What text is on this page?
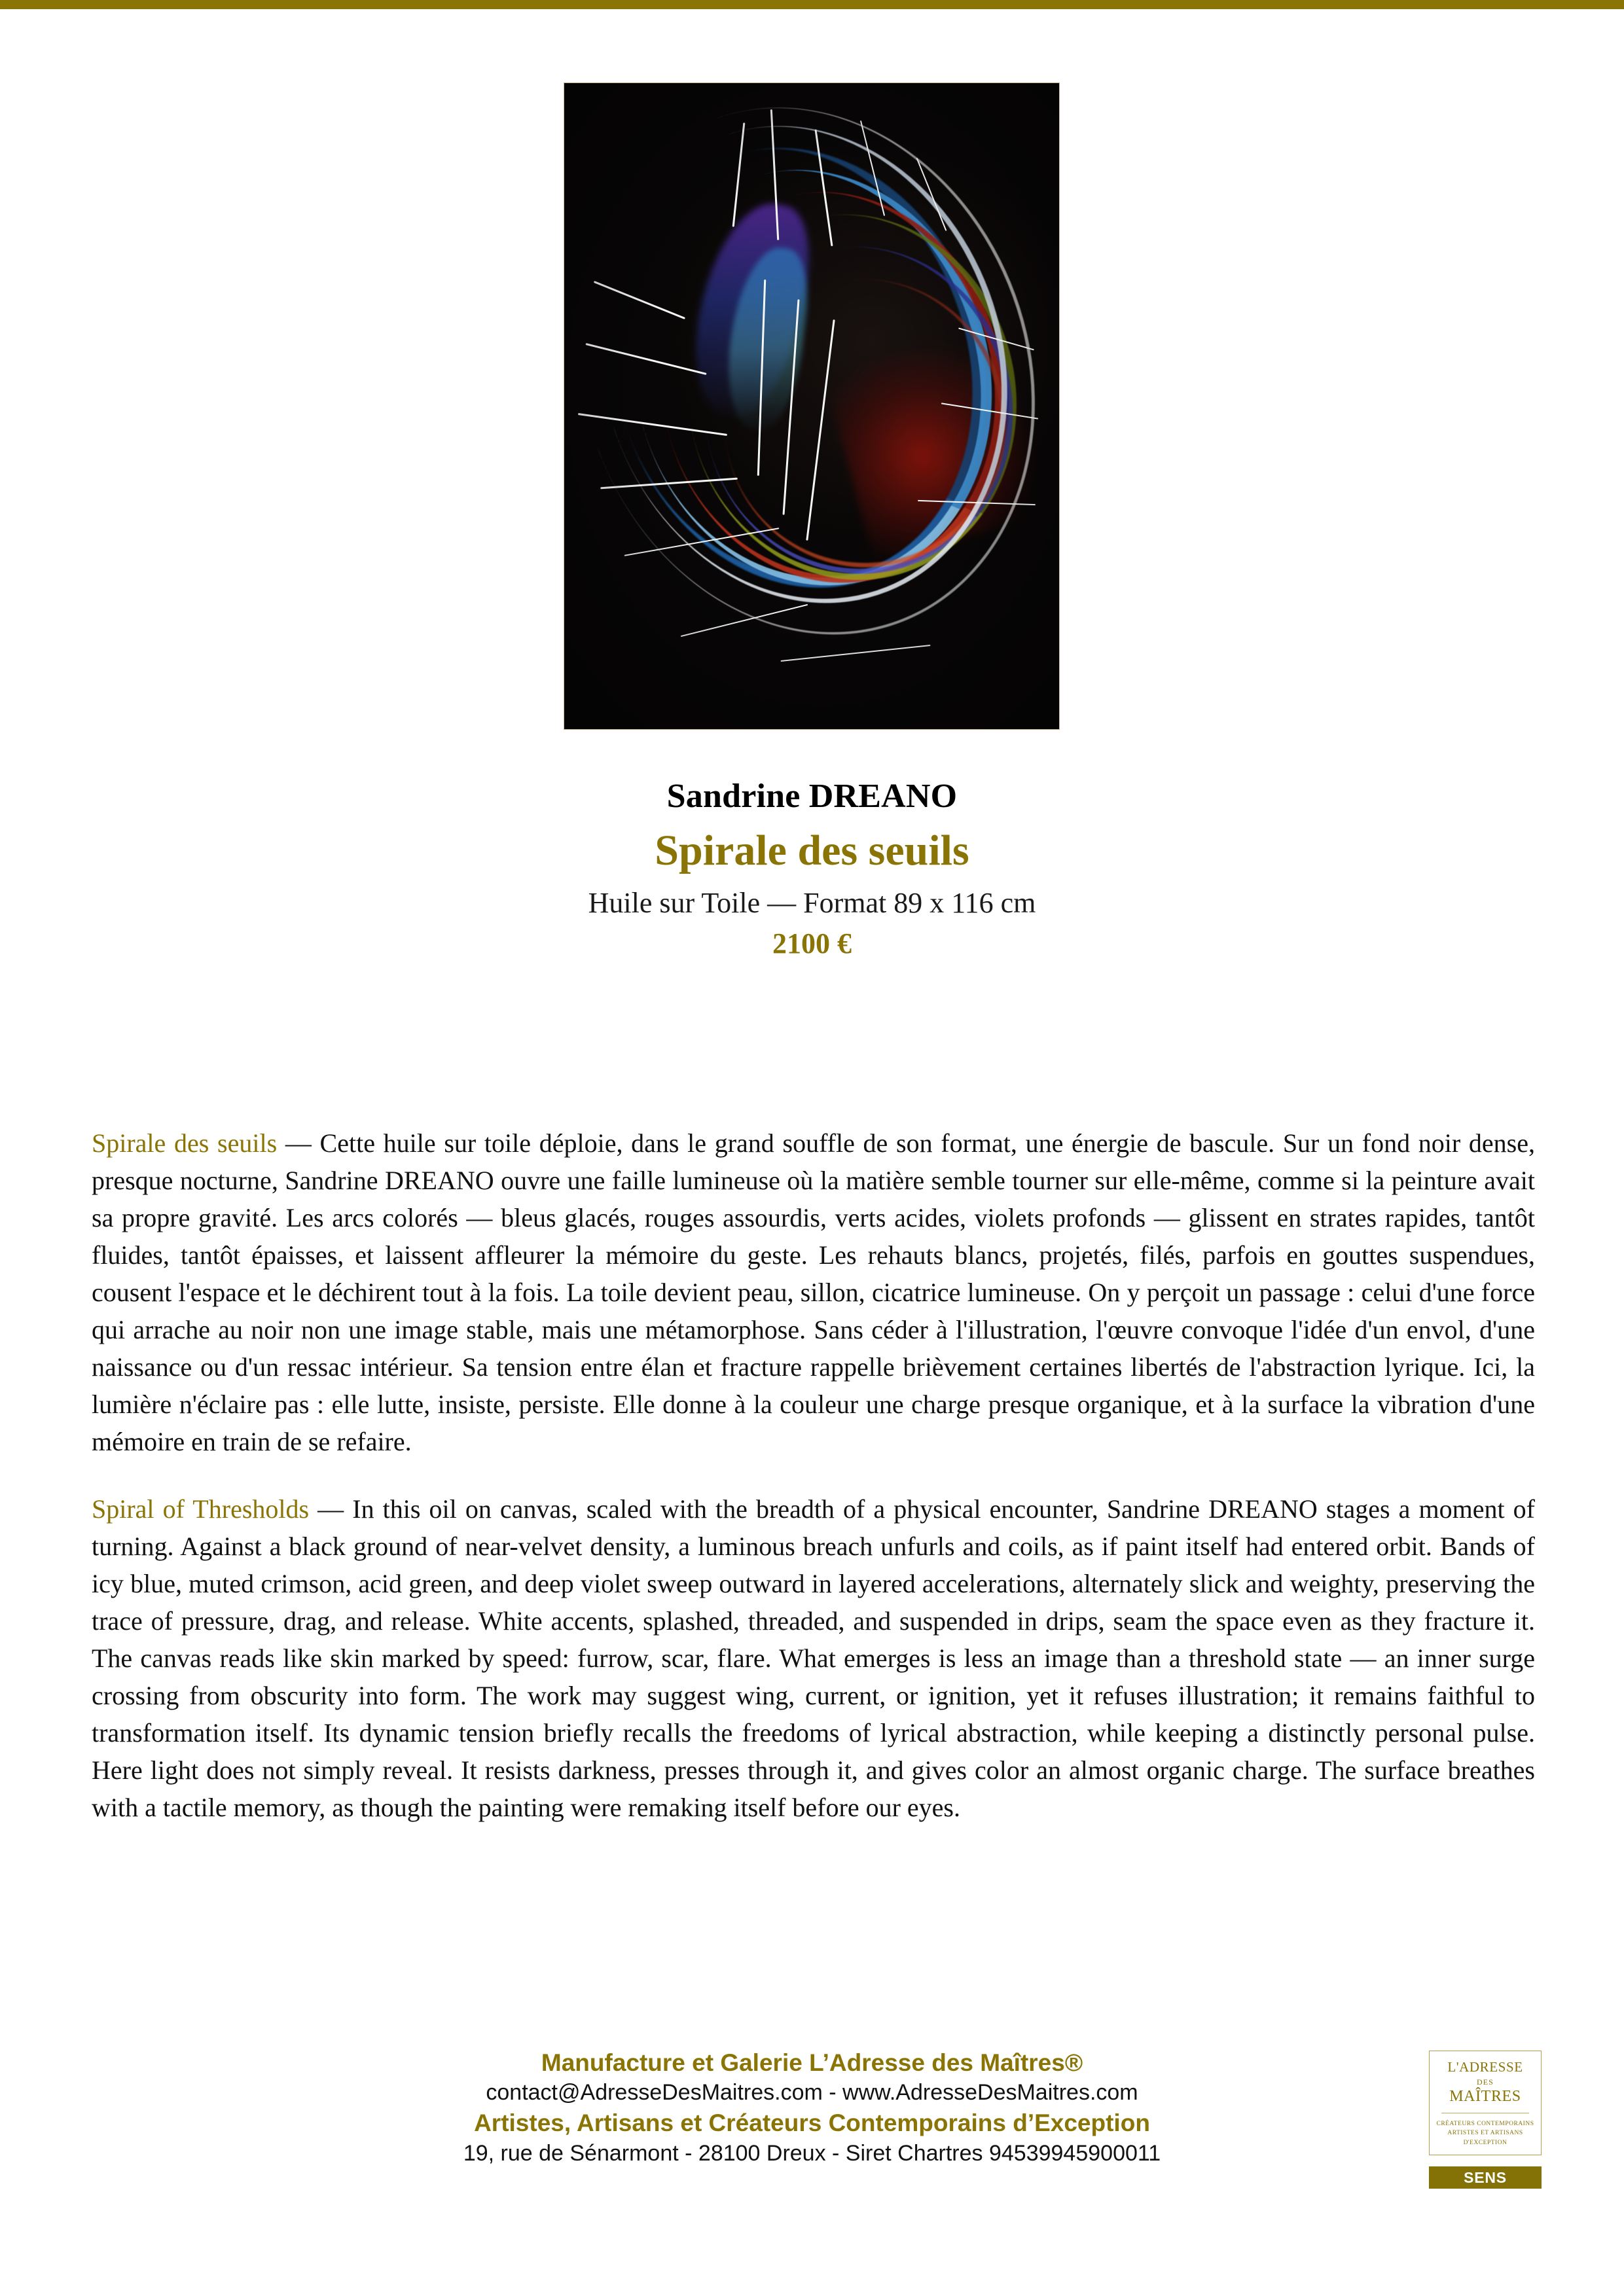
Sandrine DREANO
Spirale des seuils
Huile sur Toile — Format 89 x 116 cm
2100 €

Spirale des seuils — Cette huile sur toile déploie, dans le grand souffle de son format, une énergie de bascule. Sur un fond noir dense, presque nocturne, Sandrine DREANO ouvre une faille lumineuse où la matière semble tourner sur elle-même, comme si la peinture avait sa propre gravité. Les arcs colorés — bleus glacés, rouges assourdis, verts acides, violets profonds — glissent en strates rapides, tantôt fluides, tantôt épaisses, et laissent affleurer la mémoire du geste. Les rehauts blancs, projetés, filés, parfois en gouttes suspendues, cousent l'espace et le déchirent tout à la fois. La toile devient peau, sillon, cicatrice lumineuse. On y perçoit un passage : celui d'une force qui arrache au noir non une image stable, mais une métamorphose. Sans céder à l'illustration, l'œuvre convoque l'idée d'un envol, d'une naissance ou d'un ressac intérieur. Sa tension entre élan et fracture rappelle brièvement certaines libertés de l'abstraction lyrique. Ici, la lumière n'éclaire pas : elle lutte, insiste, persiste. Elle donne à la couleur une charge presque organique, et à la surface la vibration d'une mémoire en train de se refaire.

Spiral of Thresholds — In this oil on canvas, scaled with the breadth of a physical encounter, Sandrine DREANO stages a moment of turning. Against a black ground of near-velvet density, a luminous breach unfurls and coils, as if paint itself had entered orbit. Bands of icy blue, muted crimson, acid green, and deep violet sweep outward in layered accelerations, alternately slick and weighty, preserving the trace of pressure, drag, and release. White accents, splashed, threaded, and suspended in drips, seam the space even as they fracture it. The canvas reads like skin marked by speed: furrow, scar, flare. What emerges is less an image than a threshold state — an inner surge crossing from obscurity into form. The work may suggest wing, current, or ignition, yet it refuses illustration; it remains faithful to transformation itself. Its dynamic tension briefly recalls the freedoms of lyrical abstraction, while keeping a distinctly personal pulse. Here light does not simply reveal. It resists darkness, presses through it, and gives color an almost organic charge. The surface breathes with a tactile memory, as though the painting were remaking itself before our eyes.

Manufacture et Galerie L’Adresse des Maîtres®
contact@AdresseDesMaitres.com - www.AdresseDesMaitres.com
Artistes, Artisans et Créateurs Contemporains d’Exception
19, rue de Sénarmont - 28100 Dreux - Siret Chartres 94539945900011
L'ADRESSE
DES
MAÎTRES
CRÉATEURS CONTEMPORAINS
ARTISTES ET ARTISANS
D'EXCEPTION
SENS
